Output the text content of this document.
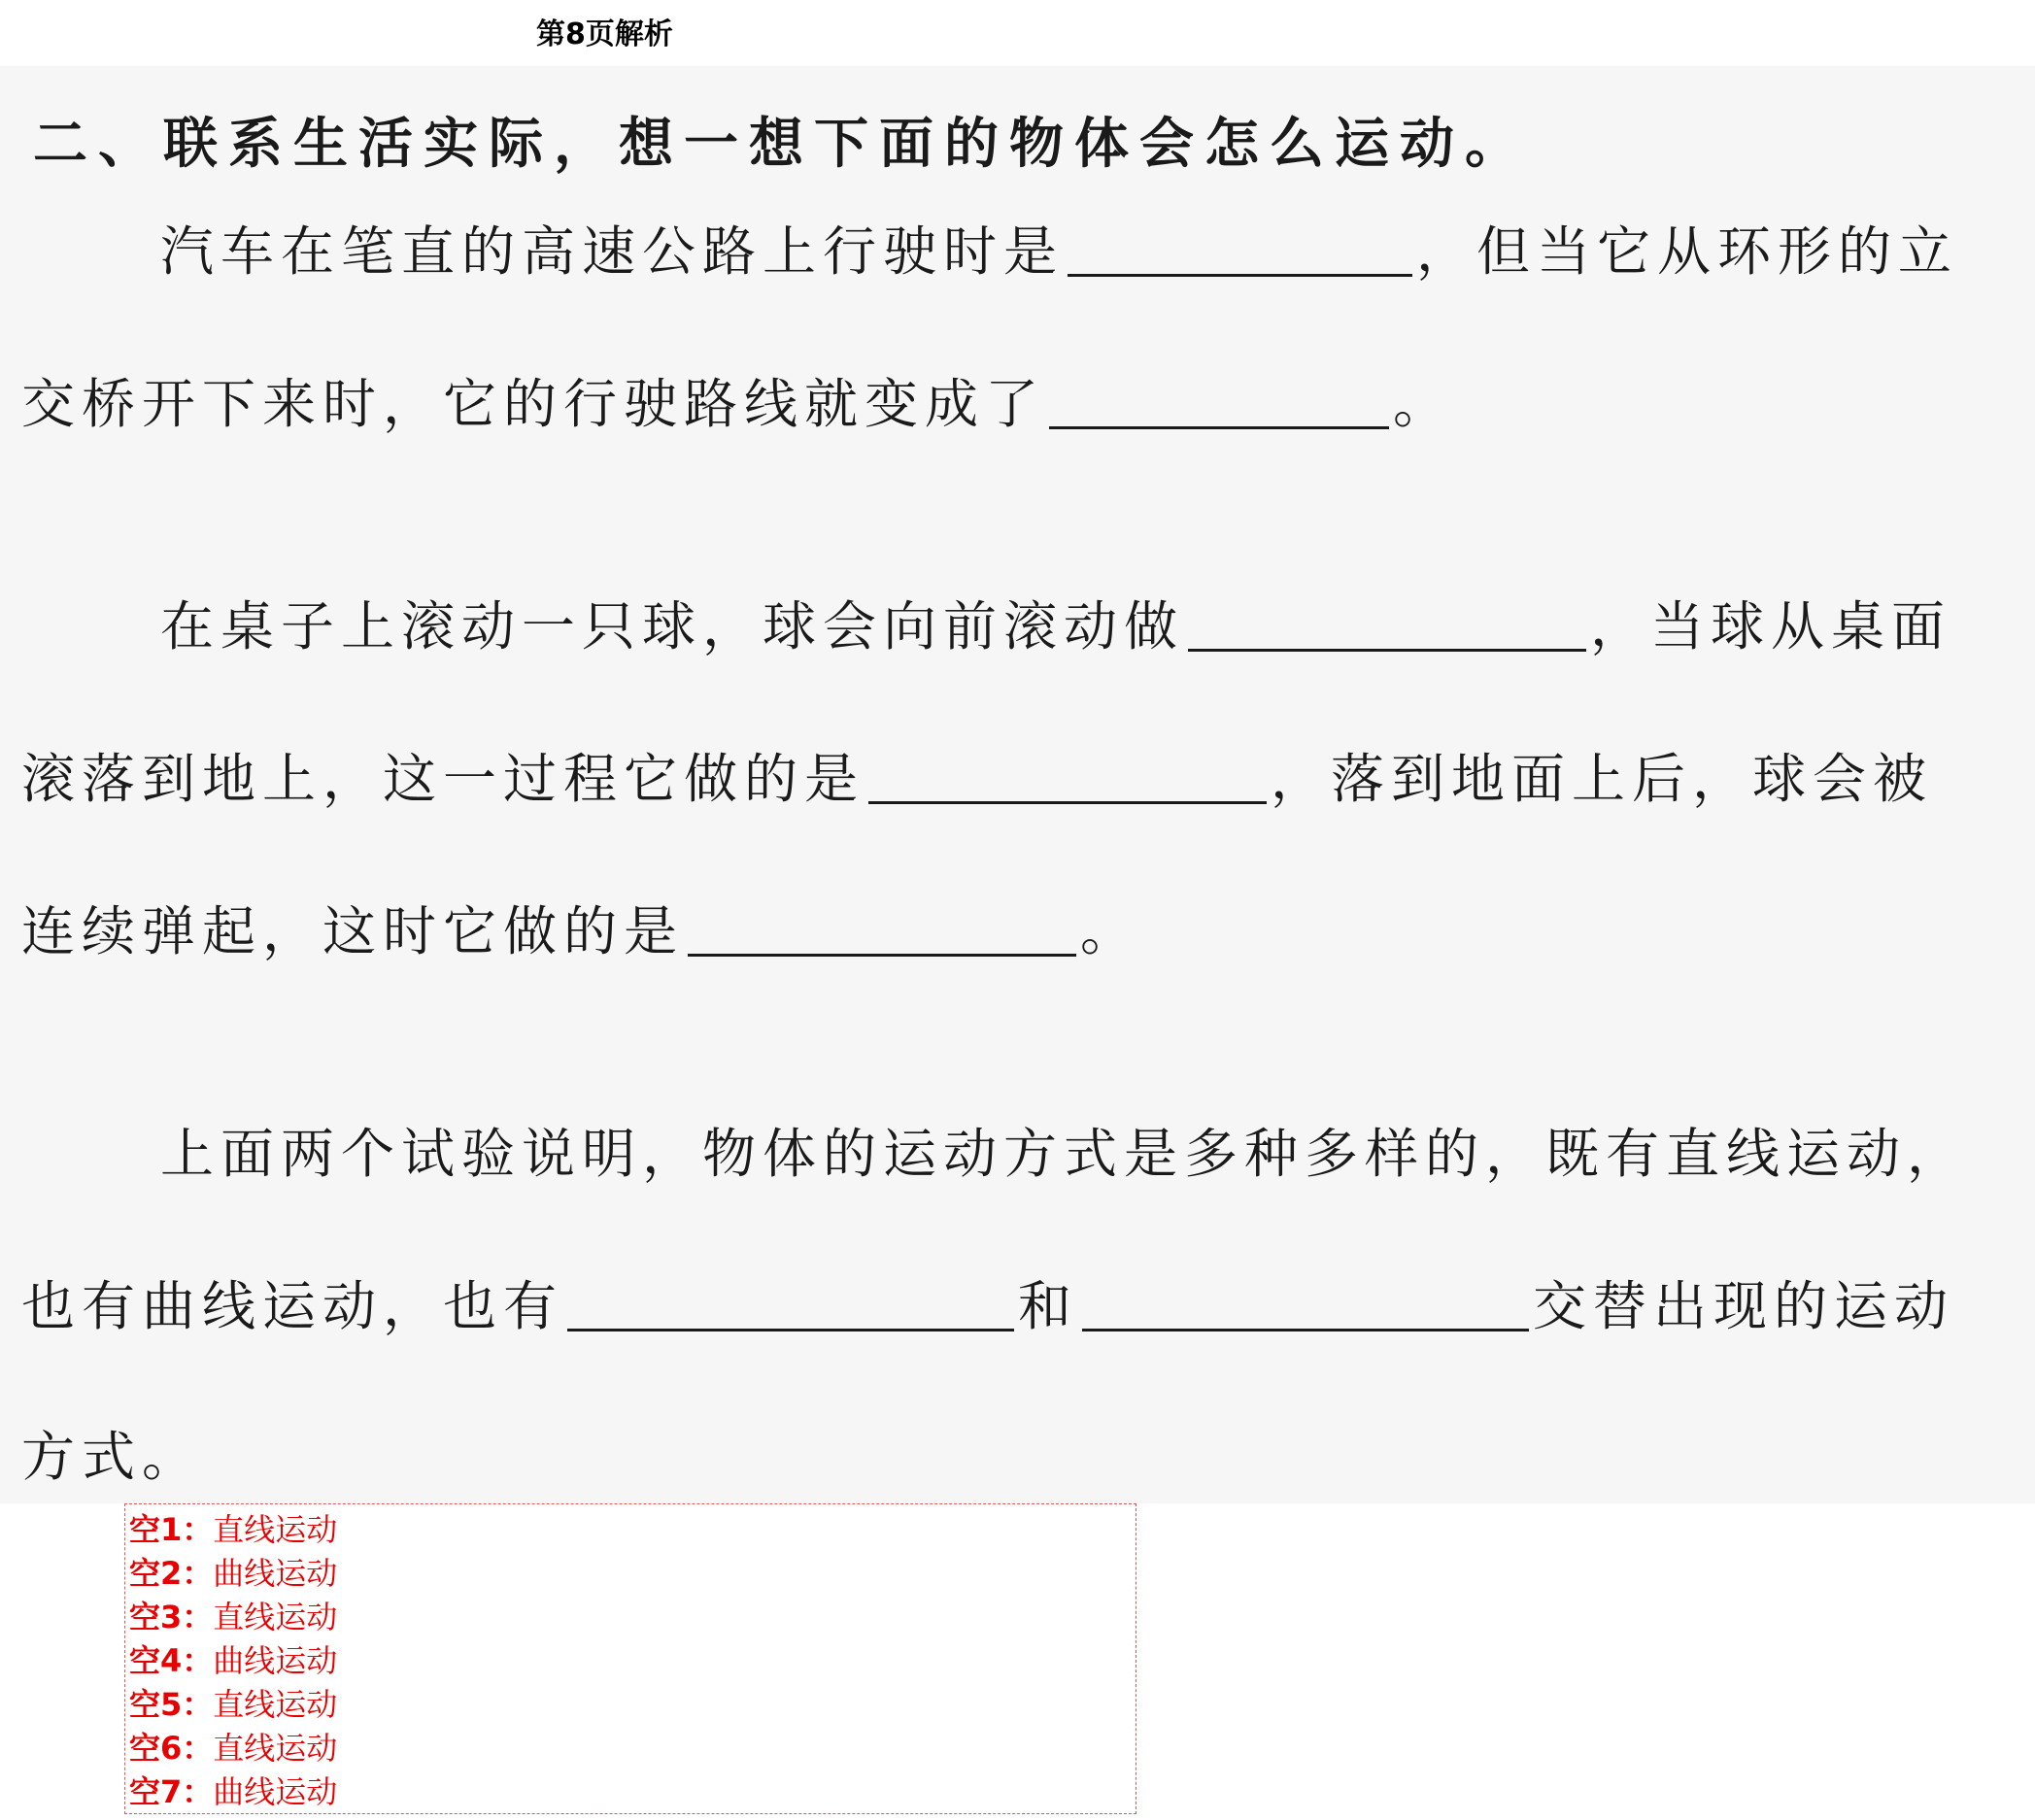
第8页解析
二、联系生活实际，想一想下面的物体会怎么运动。
汽车在笔直的高速公路上行驶时是	，但当它从环形的立
交桥开下来时，它的行驶路线就变成了	。
在桌子上滚动一只球，球会向前滚动做	，当球从桌面
滚落到地上，这一过程它做的是	，落到地面上后，球会被
连续弹起，这时它做的是	。
上面两个试验说明，物体的运动方式是多种多样的，既有直线运动，
也有曲线运动，也有	和	交替出现的运动
方式。
空1：直线运动
空2：曲线运动
空3：直线运动
空4：曲线运动
空5：直线运动
空6：直线运动
空7：曲线运动
